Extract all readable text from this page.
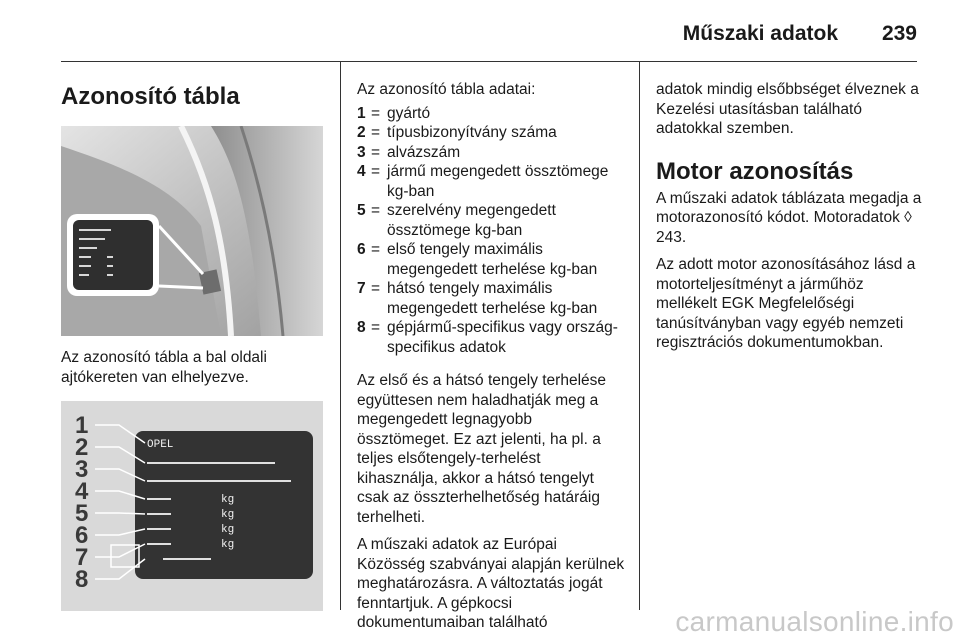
Műszaki adatok 239
Azonosító tábla

Az azonosító tábla a bal oldali ajtókereten van elhelyezve.

1
2
3
4
5
6
7
8
OPEL
kg
kg
kg
kg

Az azonosító tábla adatai:

1 = gyártó
2 = típusbizonyítvány száma
3 = alvázszám
4 = jármű megengedett össztömege kg-ban
5 = szerelvény megengedett össztömege kg-ban
6 = első tengely maximális megengedett terhelése kg-ban
7 = hátsó tengely maximális megengedett terhelése kg-ban
8 = gépjármű-specifikus vagy ország-specifikus adatok

Az első és a hátsó tengely terhelése együttesen nem haladhatják meg a megengedett legnagyobb össztömeget. Ez azt jelenti, ha pl. a teljes elsőtengely-terhelést kihasználja, akkor a hátsó tengelyt csak az összterhelhetőség határáig terhelheti.

A műszaki adatok az Európai Közösség szabványai alapján kerülnek meghatározásra. A változtatás jogát fenntartjuk. A gépkocsi dokumentumaiban található

adatok mindig elsőbbséget élveznek a Kezelési utasításban található adatokkal szemben.

Motor azonosítás

A műszaki adatok táblázata megadja a motorazonosító kódot. Motoradatok ◊ 243.

Az adott motor azonosításához lásd a motorteljesítményt a járműhöz mellékelt EGK Megfelelőségi tanúsítványban vagy egyéb nemzeti regisztrációs dokumentumokban.

carmanualsonline.info
